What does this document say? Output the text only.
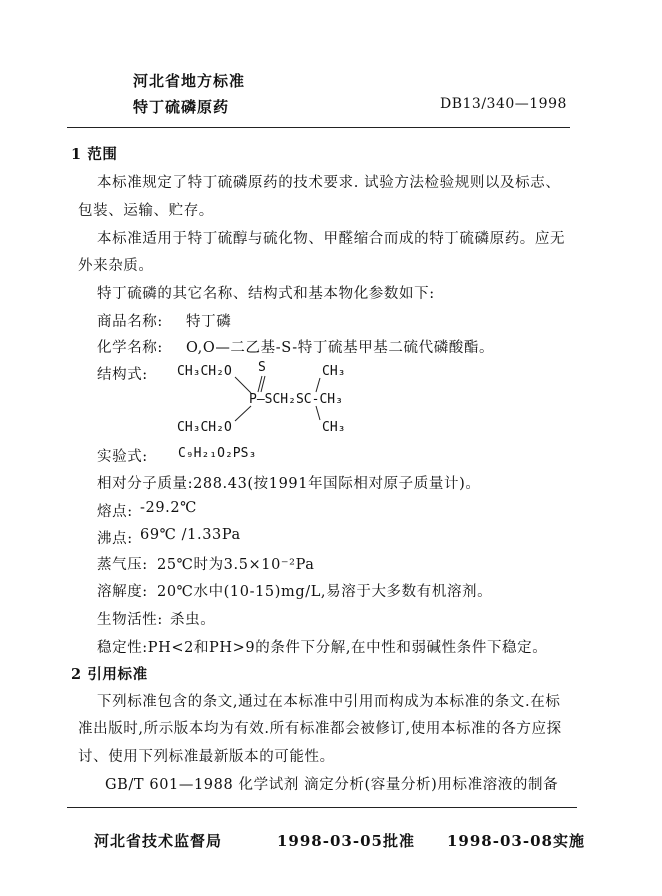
河北省地方标准
特丁硫磷原药	DB13/340—1998
1 范围
本标准规定了特丁硫磷原药的技术要求. 试验方法检验规则以及标志、
包装、运输、贮存。
本标准适用于特丁硫醇与硫化物、甲醛缩合而成的特丁硫磷原药。应无
外来杂质。
特丁硫磷的其它名称、结构式和基本物化参数如下:
商品名称: 特丁磷
化学名称: O,O—二乙基-S-特丁硫基甲基二硫代磷酸酯。
结构式: CH₃CH₂O S	CH₃
P—SCH₂SC-CH₃
CH₃CH₂O	CH₃
实验式: C₉H₂₁O₂PS₃
相对分子质量:288.43(按1991年国际相对原子质量计)。
熔点: -29.2℃
沸点: 69℃ /1.33Pa
蒸气压: 25℃时为3.5×10⁻²Pa
溶解度: 20℃水中(10-15)mg/L,易溶于大多数有机溶剂。
生物活性: 杀虫。
稳定性:PH<2和PH>9的条件下分解,在中性和弱碱性条件下稳定。
2 引用标准
下列标准包含的条文,通过在本标准中引用而构成为本标准的条文.在标
准出版时,所示版本均为有效.所有标准都会被修订,使用本标准的各方应探
讨、使用下列标准最新版本的可能性。
GB/T 601—1988 化学试剂 滴定分析(容量分析)用标准溶液的制备
河北省技术监督局	1998-03-05批准 1998-03-08实施
